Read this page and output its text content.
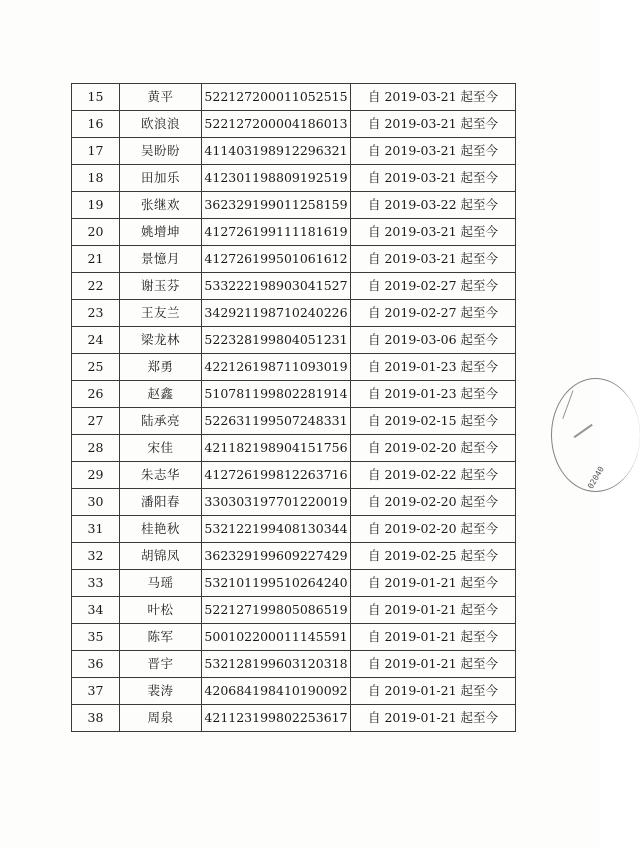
15	黄平	522127200011052515	自 2019-03-21 起至今
16	欧浪浪	522127200004186013	自 2019-03-21 起至今
17	吴盼盼	411403198912296321	自 2019-03-21 起至今
18	田加乐	412301198809192519	自 2019-03-21 起至今
19	张继欢	362329199011258159	自 2019-03-22 起至今
20	姚增坤	412726199111181619	自 2019-03-21 起至今
21	景憶月	412726199501061612	自 2019-03-21 起至今
22	谢玉芬	533222198903041527	自 2019-02-27 起至今
23	王友兰	342921198710240226	自 2019-02-27 起至今
24	梁龙林	522328199804051231	自 2019-03-06 起至今
25	郑勇	422126198711093019	自 2019-01-23 起至今
26	赵鑫	510781199802281914	自 2019-01-23 起至今
27	陆承亮	522631199507248331	自 2019-02-15 起至今
28	宋佳	421182198904151756	自 2019-02-20 起至今
29	朱志华	412726199812263716	自 2019-02-22 起至今
30	潘阳春	330303197701220019	自 2019-02-20 起至今
31	桂艳秋	532122199408130344	自 2019-02-20 起至今
32	胡锦凤	362329199609227429	自 2019-02-25 起至今
33	马瑶	532101199510264240	自 2019-01-21 起至今
34	叶松	522127199805086519	自 2019-01-21 起至今
35	陈军	500102200011145591	自 2019-01-21 起至今
36	晋宇	532128199603120318	自 2019-01-21 起至今
37	裴涛	420684198410190092	自 2019-01-21 起至今
38	周泉	421123199802253617	自 2019-01-21 起至今
02040
